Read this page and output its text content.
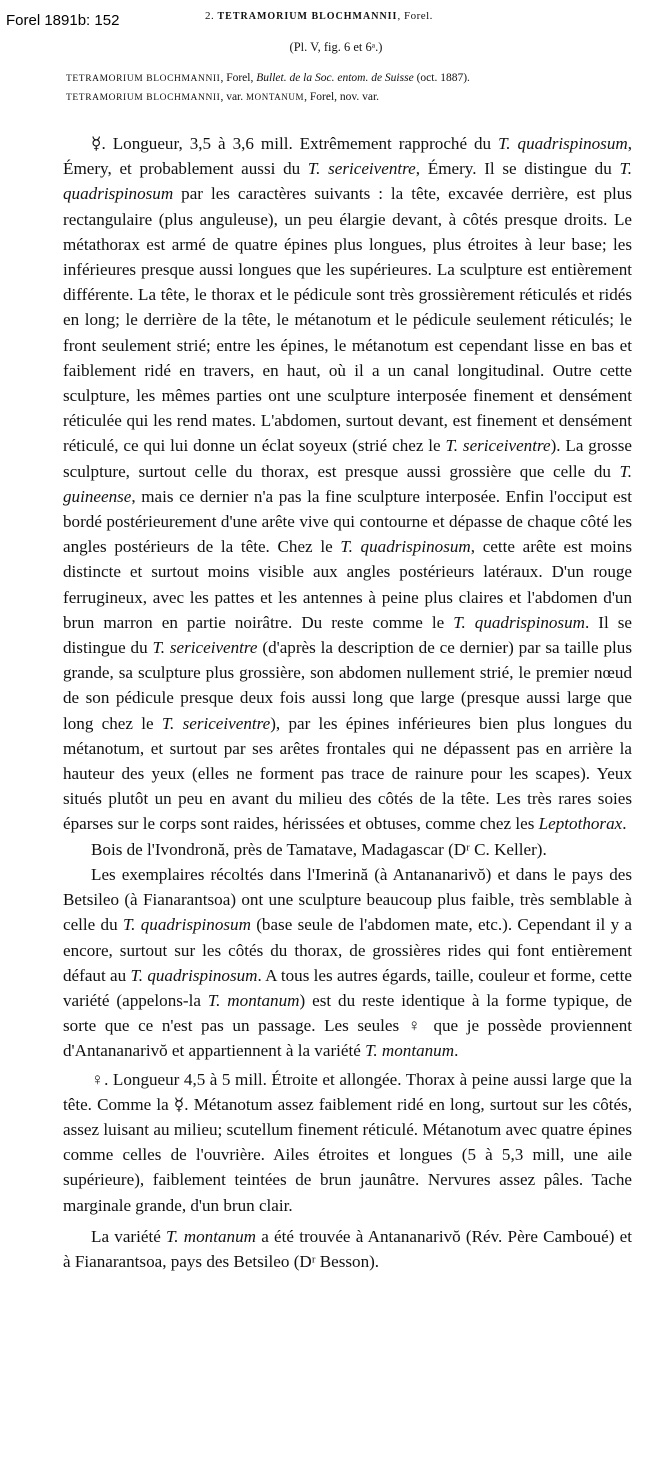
Forel 1891b: 152	2. TETRAMORIUM BLOCHMANNII, Forel.
(Pl. V, fig. 6 et 6ᵃ.)
TETRAMORIUM BLOCHMANNII, Forel, Bullet. de la Soc. entom. de Suisse (oct. 1887).
TETRAMORIUM BLOCHMANNII, var. MONTANUM, Forel, nov. var.

☿. Longueur, 3,5 à 3,6 mill. Extrêmement rapproché du T. quadrispinosum, Émery, et probablement aussi du T. sericeiventre, Émery. Il se distingue du T. quadrispinosum par les caractères suivants : la tête, excavée derrière, est plus rectangulaire (plus anguleuse), un peu élargie devant, à côtés presque droits. Le métathorax est armé de quatre épines plus longues, plus étroites à leur base; les inférieures presque aussi longues que les supérieures. La sculpture est entièrement différente. La tête, le thorax et le pédicule sont très grossièrement réticulés et ridés en long; le derrière de la tête, le métanotum et le pédicule seulement réticulés; le front seulement strié; entre les épines, le métanotum est cependant lisse en bas et faiblement ridé en travers, en haut, où il a un canal longitudinal. Outre cette sculpture, les mêmes parties ont une sculpture interposée finement et densément réticulée qui les rend mates. L'abdomen, surtout devant, est finement et densément réticulé, ce qui lui donne un éclat soyeux (strié chez le T. sericeiventre). La grosse sculpture, surtout celle du thorax, est presque aussi grossière que celle du T. guineense, mais ce dernier n'a pas la fine sculpture interposée. Enfin l'occiput est bordé postérieurement d'une arête vive qui contourne et dépasse de chaque côté les angles postérieurs de la tête. Chez le T. quadrispinosum, cette arête est moins distincte et surtout moins visible aux angles postérieurs latéraux. D'un rouge ferrugineux, avec les pattes et les antennes à peine plus claires et l'abdomen d'un brun marron en partie noirâtre. Du reste comme le T. quadrispinosum. Il se distingue du T. sericeiventre (d'après la description de ce dernier) par sa taille plus grande, sa sculpture plus grossière, son abdomen nullement strié, le premier nœud de son pédicule presque deux fois aussi long que large (presque aussi large que long chez le T. sericeiventre), par les épines inférieures bien plus longues du métanotum, et surtout par ses arêtes frontales qui ne dépassent pas en arrière la hauteur des yeux (elles ne forment pas trace de rainure pour les scapes). Yeux situés plutôt un peu en avant du milieu des côtés de la tête. Les très rares soies éparses sur le corps sont raides, hérissées et obtuses, comme chez les Leptothorax.

Bois de l'Ivondronă, près de Tamatave, Madagascar (Dʳ C. Keller).

Les exemplaires récoltés dans l'Imerină (à Antananarivŏ) et dans le pays des Betsileo (à Fianarantsoa) ont une sculpture beaucoup plus faible, très semblable à celle du T. quadrispinosum (base seule de l'abdomen mate, etc.). Cependant il y a encore, surtout sur les côtés du thorax, de grossières rides qui font entièrement défaut au T. quadrispinosum. A tous les autres égards, taille, couleur et forme, cette variété (appelons-la T. montanum) est du reste identique à la forme typique, de sorte que ce n'est pas un passage. Les seules ♀ que je possède proviennent d'Antananarivŏ et appartiennent à la variété T. montanum.

♀. Longueur 4,5 à 5 mill. Étroite et allongée. Thorax à peine aussi large que la tête. Comme la ☿. Métanotum assez faiblement ridé en long, surtout sur les côtés, assez luisant au milieu; scutellum finement réticulé. Métanotum avec quatre épines comme celles de l'ouvrière. Ailes étroites et longues (5 à 5,3 mill, une aile supérieure), faiblement teintées de brun jaunâtre. Nervures assez pâles. Tache marginale grande, d'un brun clair.

La variété T. montanum a été trouvée à Antananarivŏ (Rév. Père Camboué) et à Fianarantsoa, pays des Betsileo (Dʳ Besson).
